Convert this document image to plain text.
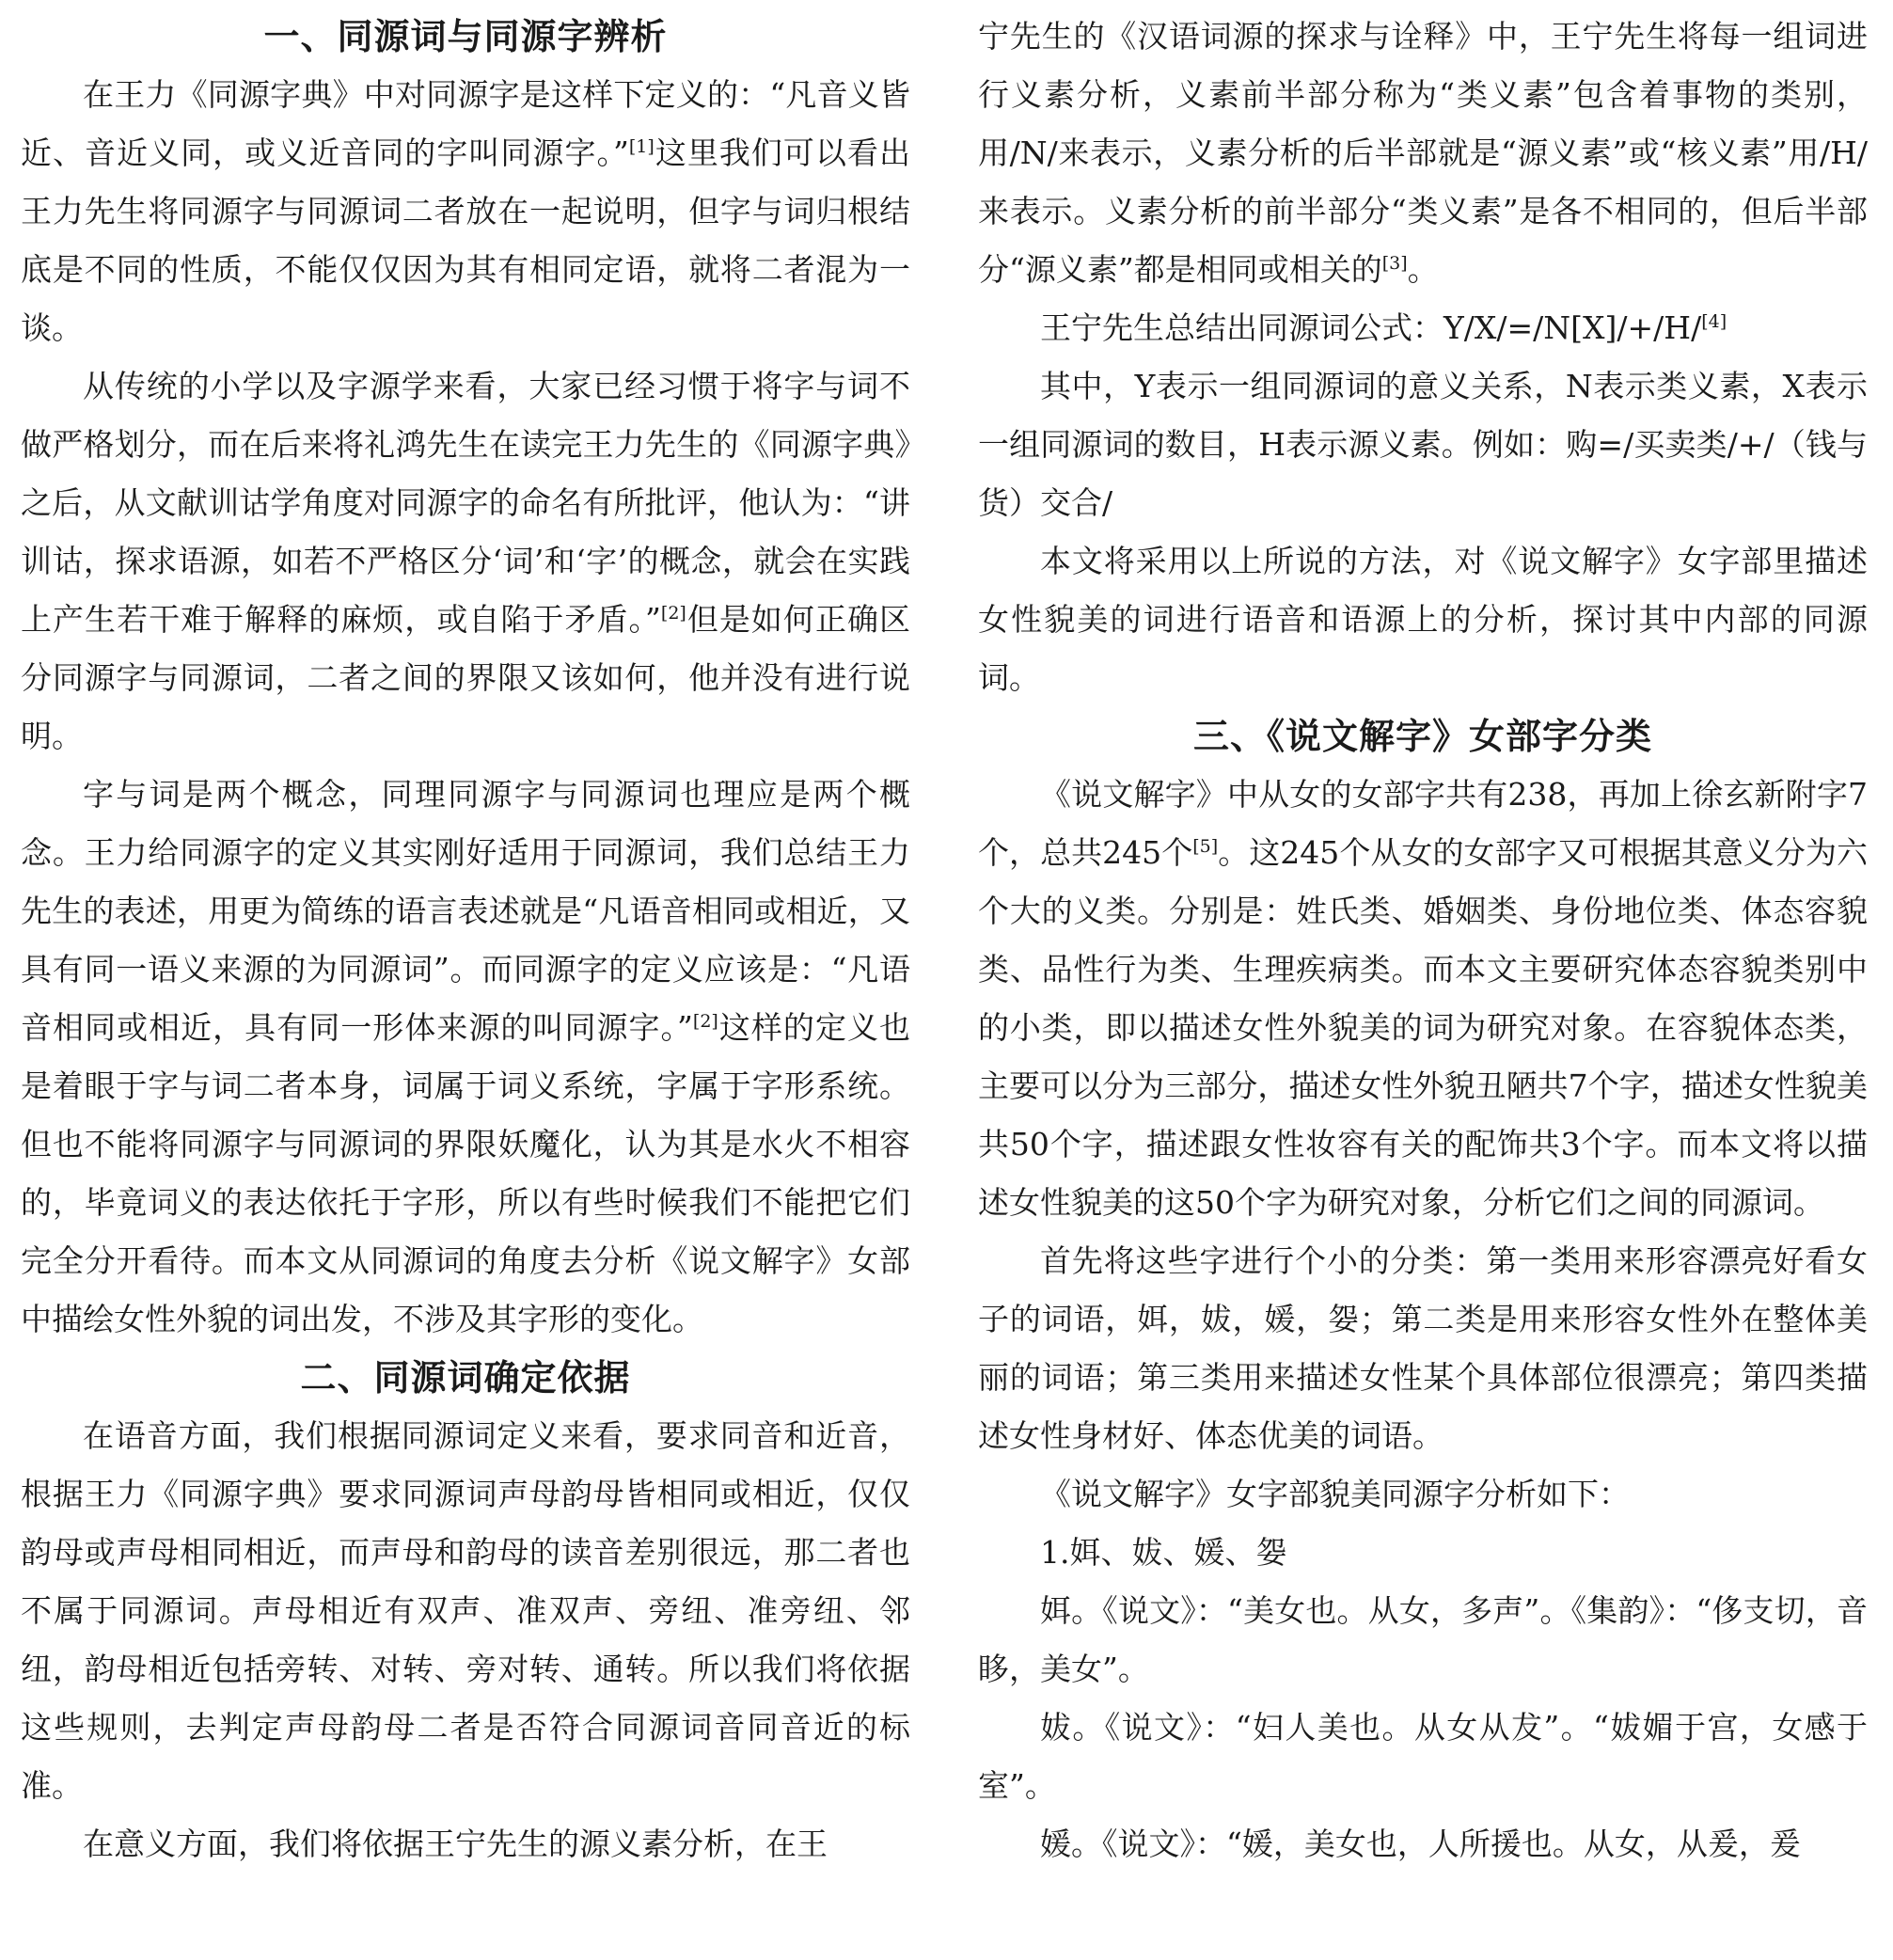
一、同源词与同源字辨析

在王力《同源字典》中对同源字是这样下定义的：“凡音义皆近、音近义同，或义近音同的字叫同源字。”[1]这里我们可以看出王力先生将同源字与同源词二者放在一起说明，但字与词归根结底是不同的性质，不能仅仅因为其有相同定语，就将二者混为一谈。

从传统的小学以及字源学来看，大家已经习惯于将字与词不做严格划分，而在后来将礼鸿先生在读完王力先生的《同源字典》之后，从文献训诂学角度对同源字的命名有所批评，他认为：“讲训诂，探求语源，如若不严格区分‘词’和‘字’的概念，就会在实践上产生若干难于解释的麻烦，或自陷于矛盾。”[2]但是如何正确区分同源字与同源词，二者之间的界限又该如何，他并没有进行说明。

字与词是两个概念，同理同源字与同源词也理应是两个概念。王力给同源字的定义其实刚好适用于同源词，我们总结王力先生的表述，用更为简练的语言表述就是“凡语音相同或相近，又具有同一语义来源的为同源词”。而同源字的定义应该是：“凡语音相同或相近，具有同一形体来源的叫同源字。”[2]这样的定义也是着眼于字与词二者本身，词属于词义系统，字属于字形系统。但也不能将同源字与同源词的界限妖魔化，认为其是水火不相容的，毕竟词义的表达依托于字形，所以有些时候我们不能把它们完全分开看待。而本文从同源词的角度去分析《说文解字》女部中描绘女性外貌的词出发，不涉及其字形的变化。

二、同源词确定依据

在语音方面，我们根据同源词定义来看，要求同音和近音，根据王力《同源字典》要求同源词声母韵母皆相同或相近，仅仅韵母或声母相同相近，而声母和韵母的读音差别很远，那二者也不属于同源词。声母相近有双声、准双声、旁纽、准旁纽、邻纽，韵母相近包括旁转、对转、旁对转、通转。所以我们将依据这些规则，去判定声母韵母二者是否符合同源词音同音近的标准。

在意义方面，我们将依据王宁先生的源义素分析，在王

宁先生的《汉语词源的探求与诠释》中，王宁先生将每一组词进行义素分析，义素前半部分称为“类义素”包含着事物的类别，用/N/来表示，义素分析的后半部就是“源义素”或“核义素”用/H/来表示。义素分析的前半部分“类义素”是各不相同的，但后半部分“源义素”都是相同或相关的[3]。

王宁先生总结出同源词公式：Y/X/=/N[X]/+/H/[4]

其中，Y表示一组同源词的意义关系，N表示类义素，X表示一组同源词的数目，H表示源义素。例如：购=/买卖类/+/（钱与货）交合/

本文将采用以上所说的方法，对《说文解字》女字部里描述女性貌美的词进行语音和语源上的分析，探讨其中内部的同源词。

三、《说文解字》女部字分类

《说文解字》中从女的女部字共有238，再加上徐玄新附字7个，总共245个[5]。这245个从女的女部字又可根据其意义分为六个大的义类。分别是：姓氏类、婚姻类、身份地位类、体态容貌类、品性行为类、生理疾病类。而本文主要研究体态容貌类别中的小类，即以描述女性外貌美的词为研究对象。在容貌体态类，主要可以分为三部分，描述女性外貌丑陋共7个字，描述女性貌美共50个字，描述跟女性妆容有关的配饰共3个字。而本文将以描述女性貌美的这50个字为研究对象，分析它们之间的同源词。

首先将这些字进行个小的分类：第一类用来形容漂亮好看女子的词语，㛅，妭，媛，妴；第二类是用来形容女性外在整体美丽的词语；第三类用来描述女性某个具体部位很漂亮；第四类描述女性身材好、体态优美的词语。

《说文解字》女字部貌美同源字分析如下：

1.㛅、妭、媛、妴

㛅。《说文》：“美女也。从女，多声”。《集韵》：“侈支切，音眵，美女”。

妭。《说文》：“妇人美也。从女从犮”。“妭媚于宫，女感于室”。

媛。《说文》：“媛，美女也，人所援也。从女，从爰，爰
